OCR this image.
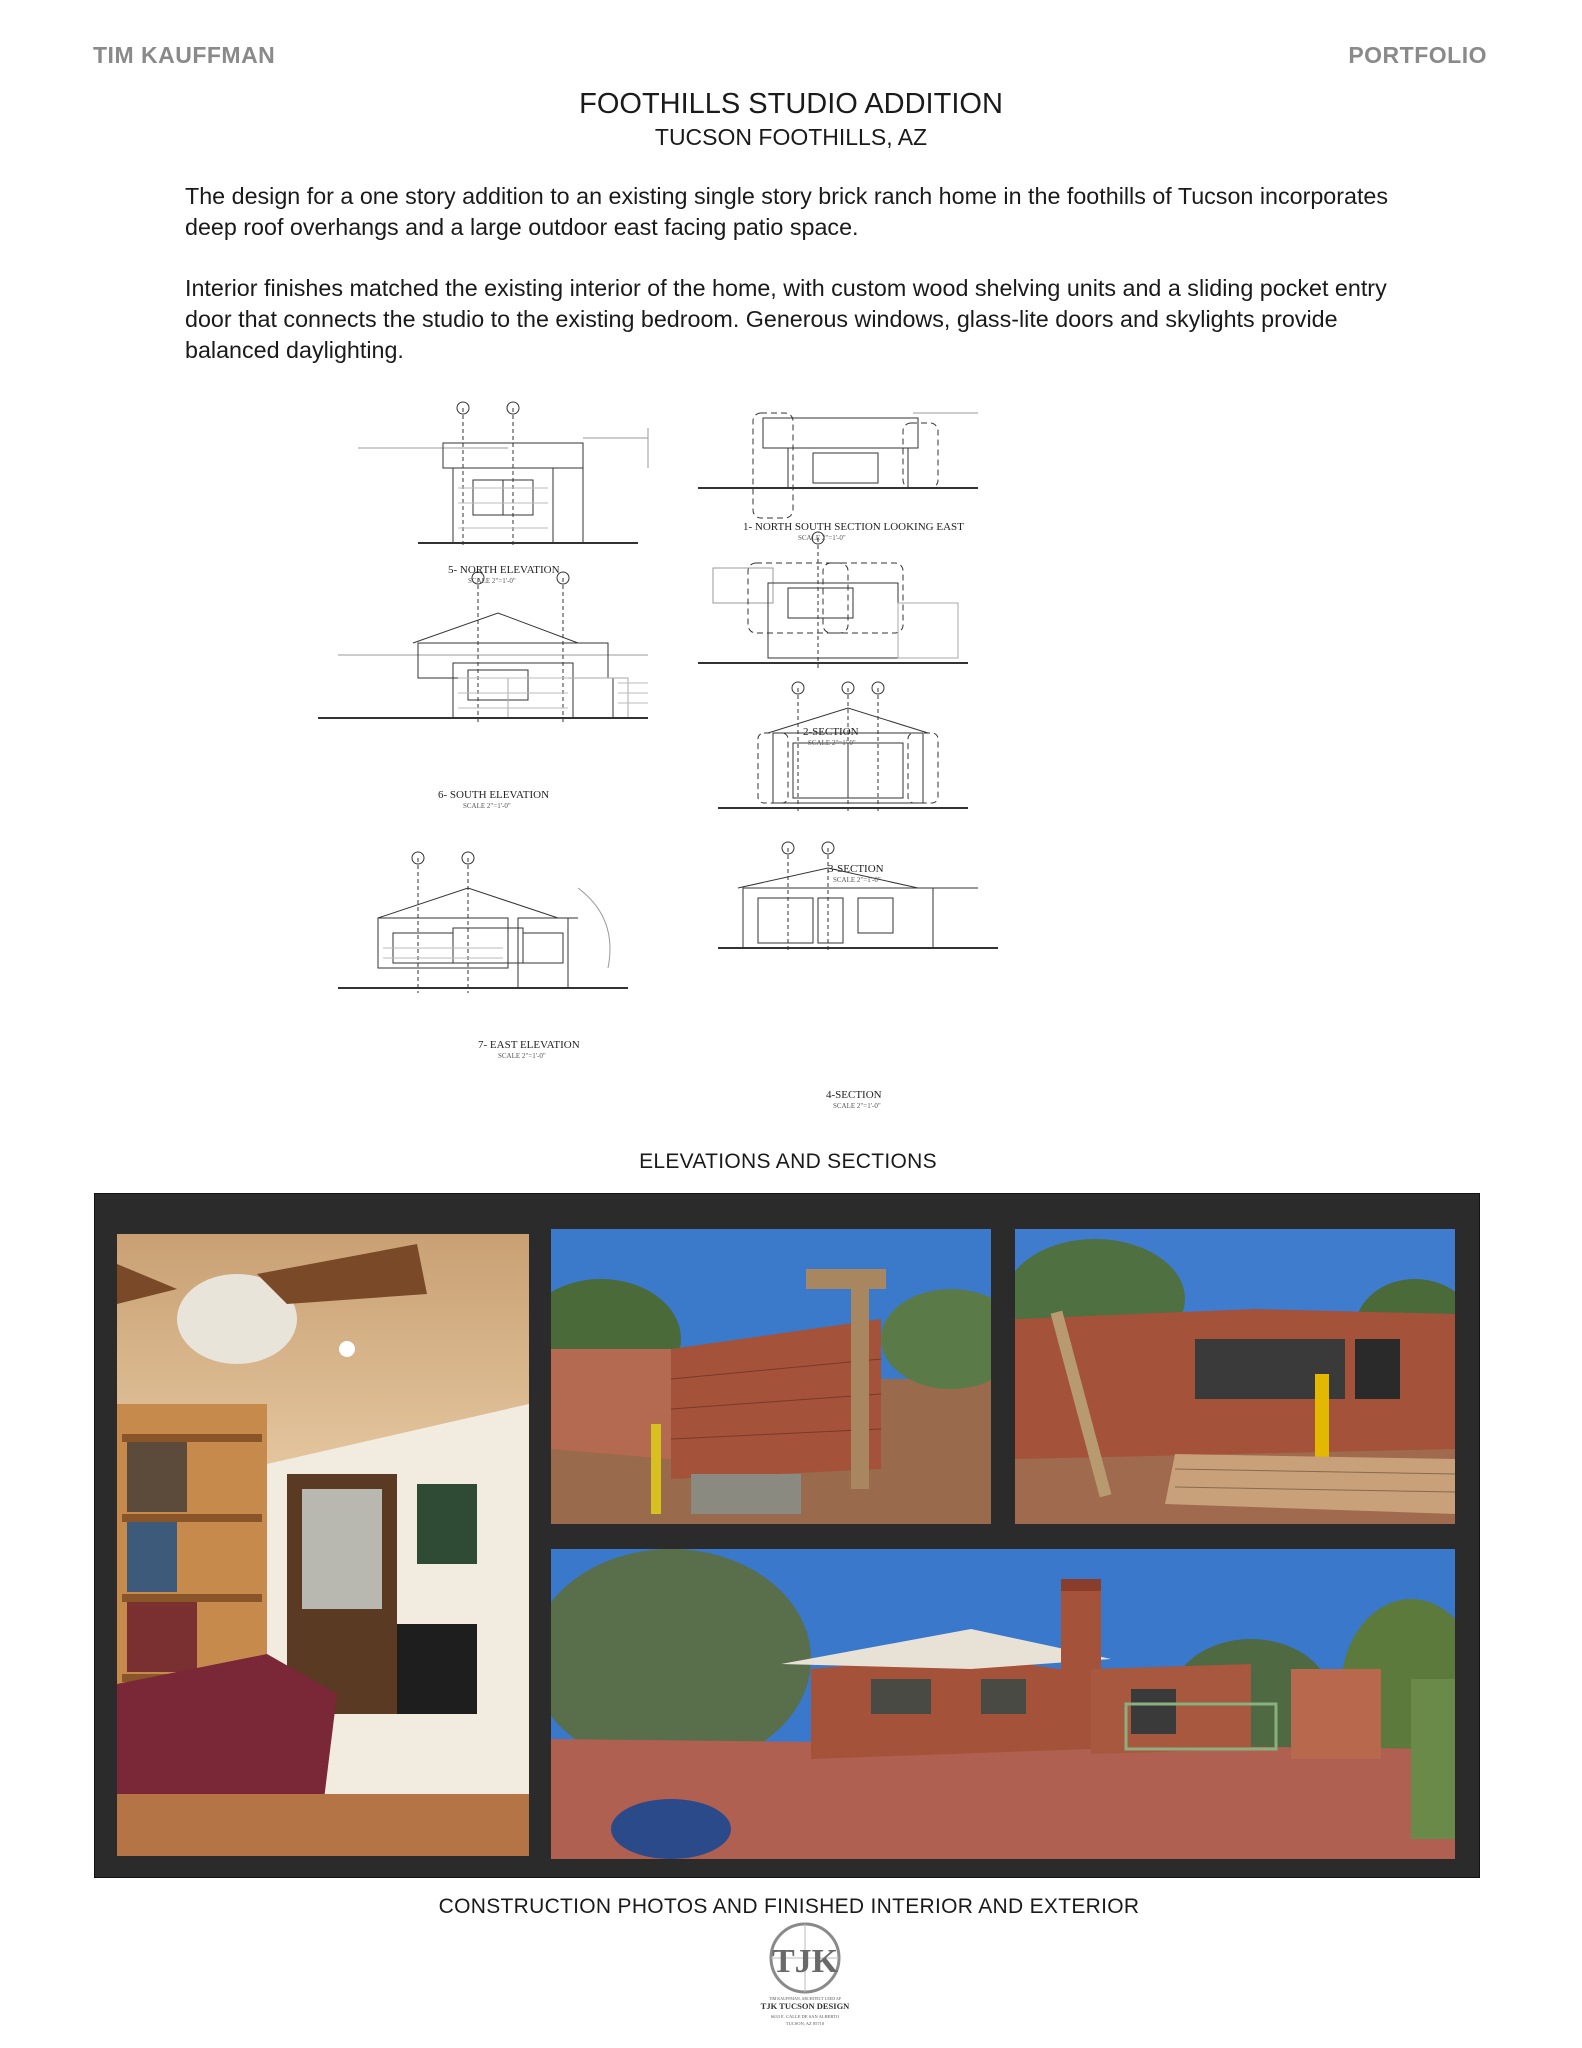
TIM KAUFFMAN	PORTFOLIO
FOOTHILLS STUDIO ADDITION
TUCSON FOOTHILLS, AZ

The design for a one story addition to an existing single story brick ranch home in the foothills of Tucson incorporates deep roof overhangs and a large outdoor east facing patio space.

Interior finishes matched the existing interior of the home, with custom wood shelving units and a sliding pocket entry door that connects the studio to the existing bedroom. Generous windows, glass-lite doors and skylights provide balanced daylighting.

5- NORTH ELEVATION
6- SOUTH ELEVATION
7- EAST ELEVATION
1- NORTH SOUTH SECTION LOOKING EAST
2-SECTION
3-SECTION
4-SECTION
SCALE 2"=1'-0"
SCALE 2"=1'-0"
SCALE 2"=1'-0"
SCALE 2"=1'-0"
SCALE 2"=1'-0"
SCALE 2"=1'-0"
SCALE 2"=1'-0"
ELEVATIONS AND SECTIONS
CONSTRUCTION PHOTOS AND FINISHED INTERIOR AND EXTERIOR
TJK
TIM KAUFFMAN, ARCHITECT LEED AP
TJK TUCSON DESIGN
6633 E. CALLE DE SAN ALBERTO
TUCSON, AZ 85710
